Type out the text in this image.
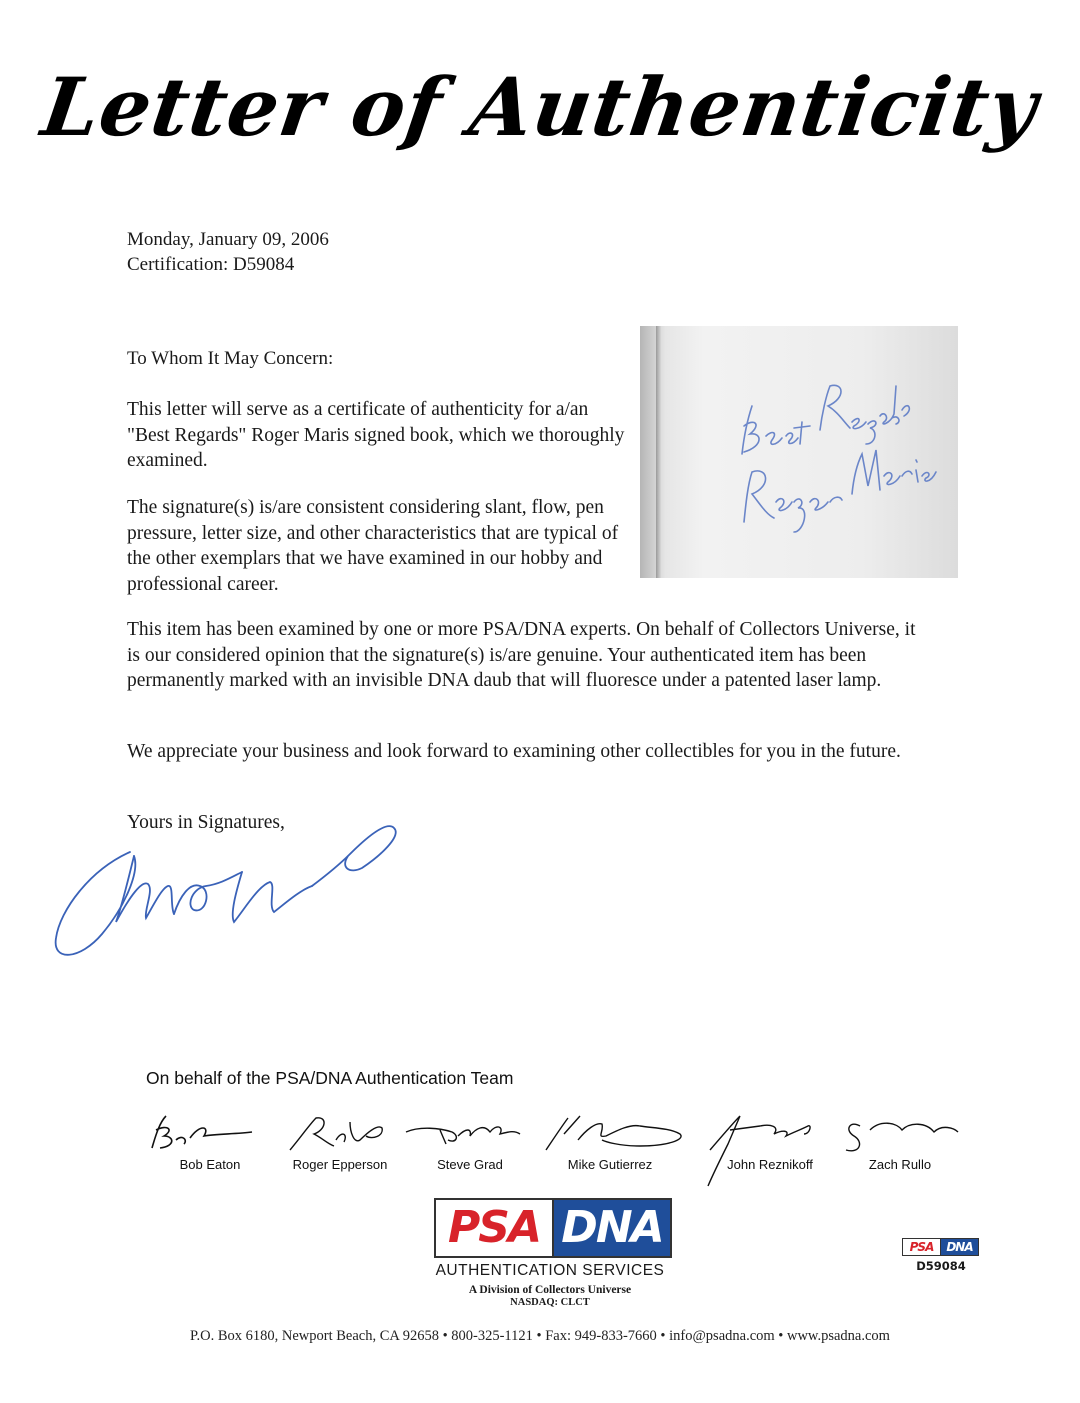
Letter of Authenticity
Monday, January 09, 2006
Certification: D59084
To Whom It May Concern:

This letter will serve as a certificate of authenticity for a/an "Best Regards" Roger Maris signed book, which we thoroughly examined.

The signature(s) is/are consistent considering slant, flow, pen pressure, letter size, and other characteristics that are typical of the other exemplars that we have examined in our hobby and professional career.

This item has been examined by one or more PSA/DNA experts. On behalf of Collectors Universe, it is our considered opinion that the signature(s) is/are genuine. Your authenticated item has been permanently marked with an invisible DNA daub that will fluoresce under a patented laser lamp.

We appreciate your business and look forward to examining other collectibles for you in the future.

Yours in Signatures,
On behalf of the PSA/DNA Authentication Team
Bob Eaton	Roger Epperson	Steve Grad	Mike Gutierrez	John Reznikoff	Zach Rullo
PSA DNA
AUTHENTICATION SERVICES
A Division of Collectors Universe
NASDAQ: CLCT
PSA	DNA
D59084
P.O. Box 6180, Newport Beach, CA 92658 • 800-325-1121 • Fax: 949-833-7660 • info@psadna.com • www.psadna.com
